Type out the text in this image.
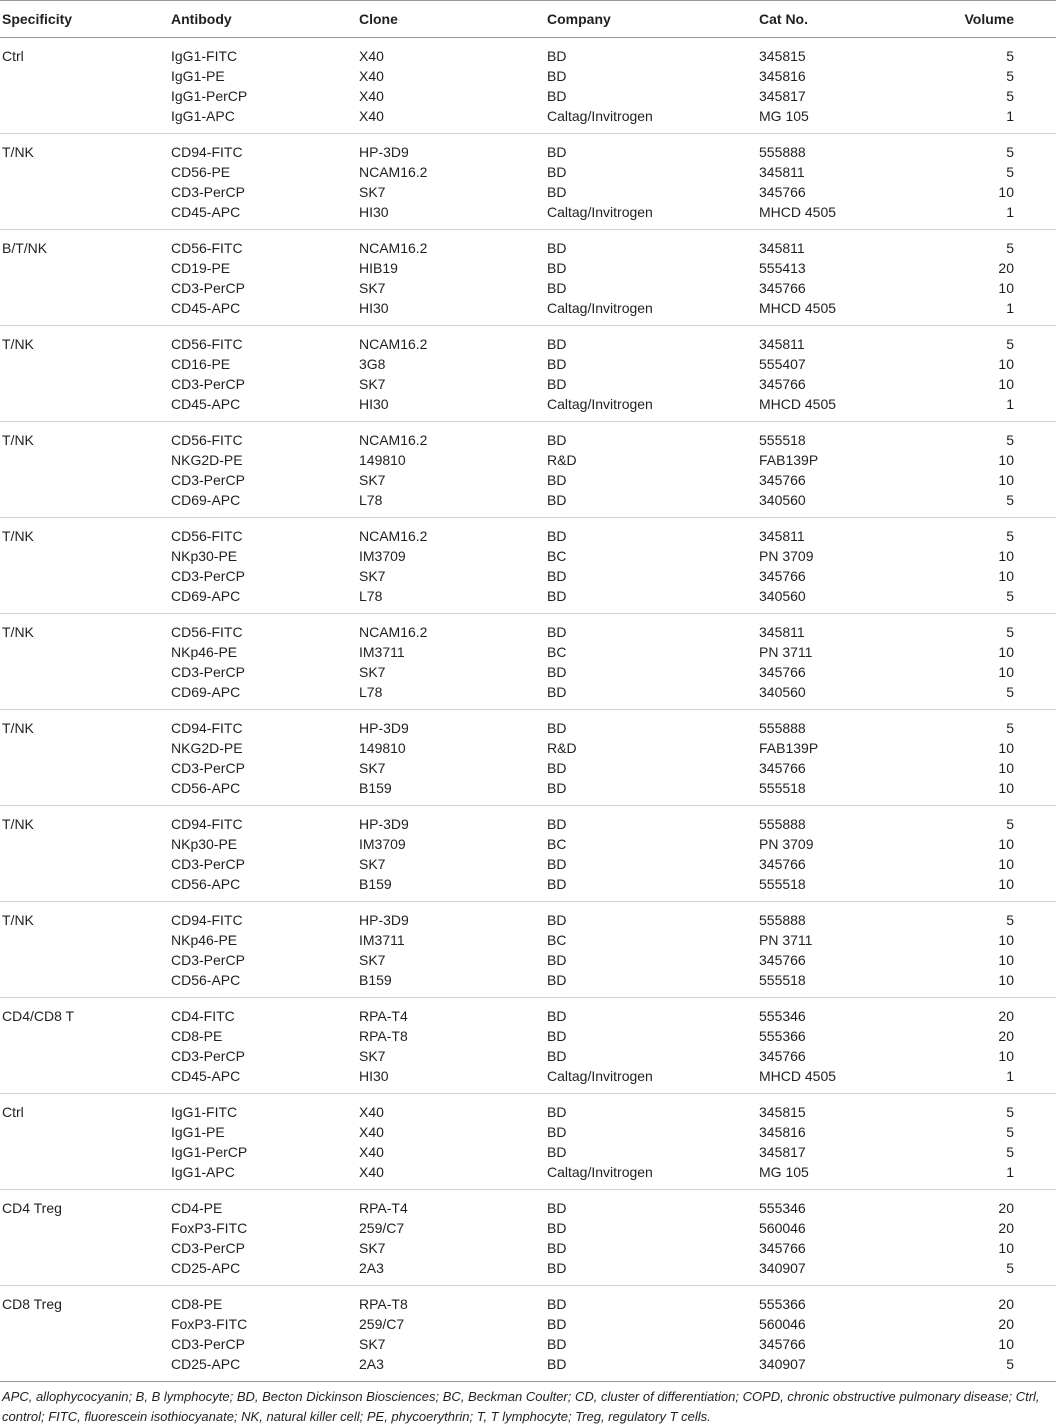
Specificity	Antibody	Clone	Company	Cat No.	Volume
Ctrl	IgG1-FITC	X40	BD	345815	5
	IgG1-PE	X40	BD	345816	5
	IgG1-PerCP	X40	BD	345817	5
	IgG1-APC	X40	Caltag/Invitrogen	MG 105	1
T/NK	CD94-FITC	HP-3D9	BD	555888	5
	CD56-PE	NCAM16.2	BD	345811	5
	CD3-PerCP	SK7	BD	345766	10
	CD45-APC	HI30	Caltag/Invitrogen	MHCD 4505	1
B/T/NK	CD56-FITC	NCAM16.2	BD	345811	5
	CD19-PE	HIB19	BD	555413	20
	CD3-PerCP	SK7	BD	345766	10
	CD45-APC	HI30	Caltag/Invitrogen	MHCD 4505	1
T/NK	CD56-FITC	NCAM16.2	BD	345811	5
	CD16-PE	3G8	BD	555407	10
	CD3-PerCP	SK7	BD	345766	10
	CD45-APC	HI30	Caltag/Invitrogen	MHCD 4505	1
T/NK	CD56-FITC	NCAM16.2	BD	555518	5
	NKG2D-PE	149810	R&D	FAB139P	10
	CD3-PerCP	SK7	BD	345766	10
	CD69-APC	L78	BD	340560	5
T/NK	CD56-FITC	NCAM16.2	BD	345811	5
	NKp30-PE	IM3709	BC	PN 3709	10
	CD3-PerCP	SK7	BD	345766	10
	CD69-APC	L78	BD	340560	5
T/NK	CD56-FITC	NCAM16.2	BD	345811	5
	NKp46-PE	IM3711	BC	PN 3711	10
	CD3-PerCP	SK7	BD	345766	10
	CD69-APC	L78	BD	340560	5
T/NK	CD94-FITC	HP-3D9	BD	555888	5
	NKG2D-PE	149810	R&D	FAB139P	10
	CD3-PerCP	SK7	BD	345766	10
	CD56-APC	B159	BD	555518	10
T/NK	CD94-FITC	HP-3D9	BD	555888	5
	NKp30-PE	IM3709	BC	PN 3709	10
	CD3-PerCP	SK7	BD	345766	10
	CD56-APC	B159	BD	555518	10
T/NK	CD94-FITC	HP-3D9	BD	555888	5
	NKp46-PE	IM3711	BC	PN 3711	10
	CD3-PerCP	SK7	BD	345766	10
	CD56-APC	B159	BD	555518	10
CD4/CD8 T	CD4-FITC	RPA-T4	BD	555346	20
	CD8-PE	RPA-T8	BD	555366	20
	CD3-PerCP	SK7	BD	345766	10
	CD45-APC	HI30	Caltag/Invitrogen	MHCD 4505	1
Ctrl	IgG1-FITC	X40	BD	345815	5
	IgG1-PE	X40	BD	345816	5
	IgG1-PerCP	X40	BD	345817	5
	IgG1-APC	X40	Caltag/Invitrogen	MG 105	1
CD4 Treg	CD4-PE	RPA-T4	BD	555346	20
	FoxP3-FITC	259/C7	BD	560046	20
	CD3-PerCP	SK7	BD	345766	10
	CD25-APC	2A3	BD	340907	5
CD8 Treg	CD8-PE	RPA-T8	BD	555366	20
	FoxP3-FITC	259/C7	BD	560046	20
	CD3-PerCP	SK7	BD	345766	10
	CD25-APC	2A3	BD	340907	5
APC, allophycocyanin; B, B lymphocyte; BD, Becton Dickinson Biosciences; BC, Beckman Coulter; CD, cluster of differentiation; COPD, chronic obstructive pulmonary disease; Ctrl, control; FITC, fluorescein isothiocyanate; NK, natural killer cell; PE, phycoerythrin; T, T lymphocyte; Treg, regulatory T cells.
